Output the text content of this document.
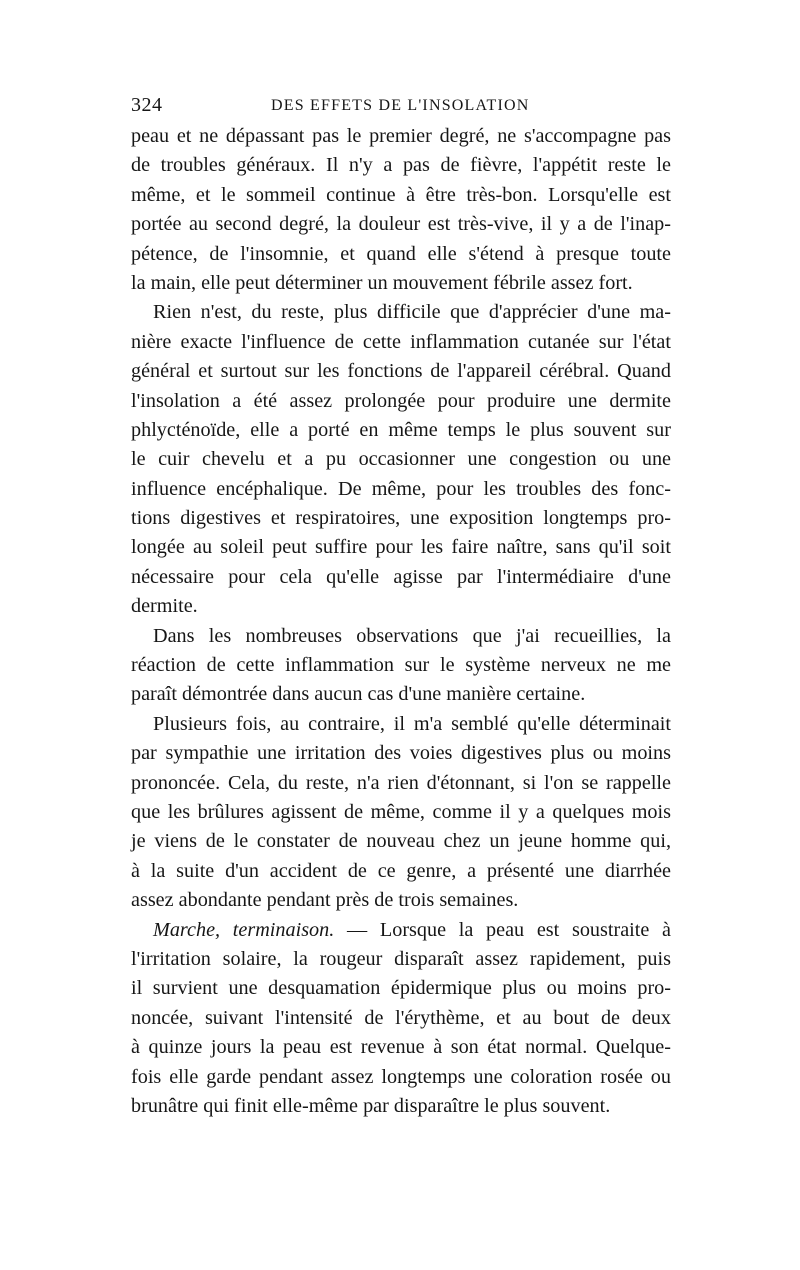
324	DES EFFETS DE L'INSOLATION
peau et ne dépassant pas le premier degré, ne s'accompagne pas
de troubles généraux. Il n'y a pas de fièvre, l'appétit reste le
même, et le sommeil continue à être très-bon. Lorsqu'elle est
portée au second degré, la douleur est très-vive, il y a de l'inap-
pétence, de l'insomnie, et quand elle s'étend à presque toute
la main, elle peut déterminer un mouvement fébrile assez fort.
Rien n'est, du reste, plus difficile que d'apprécier d'une ma-
nière exacte l'influence de cette inflammation cutanée sur l'état
général et surtout sur les fonctions de l'appareil cérébral. Quand
l'insolation a été assez prolongée pour produire une dermite
phlycténoïde, elle a porté en même temps le plus souvent sur
le cuir chevelu et a pu occasionner une congestion ou une
influence encéphalique. De même, pour les troubles des fonc-
tions digestives et respiratoires, une exposition longtemps pro-
longée au soleil peut suffire pour les faire naître, sans qu'il soit
nécessaire pour cela qu'elle agisse par l'intermédiaire d'une
dermite.
Dans les nombreuses observations que j'ai recueillies, la
réaction de cette inflammation sur le système nerveux ne me
paraît démontrée dans aucun cas d'une manière certaine.
Plusieurs fois, au contraire, il m'a semblé qu'elle déterminait
par sympathie une irritation des voies digestives plus ou moins
prononcée. Cela, du reste, n'a rien d'étonnant, si l'on se rappelle
que les brûlures agissent de même, comme il y a quelques mois
je viens de le constater de nouveau chez un jeune homme qui,
à la suite d'un accident de ce genre, a présenté une diarrhée
assez abondante pendant près de trois semaines.
Marche, terminaison. — Lorsque la peau est soustraite à
l'irritation solaire, la rougeur disparaît assez rapidement, puis
il survient une desquamation épidermique plus ou moins pro-
noncée, suivant l'intensité de l'érythème, et au bout de deux
à quinze jours la peau est revenue à son état normal. Quelque-
fois elle garde pendant assez longtemps une coloration rosée ou
brunâtre qui finit elle-même par disparaître le plus souvent.
